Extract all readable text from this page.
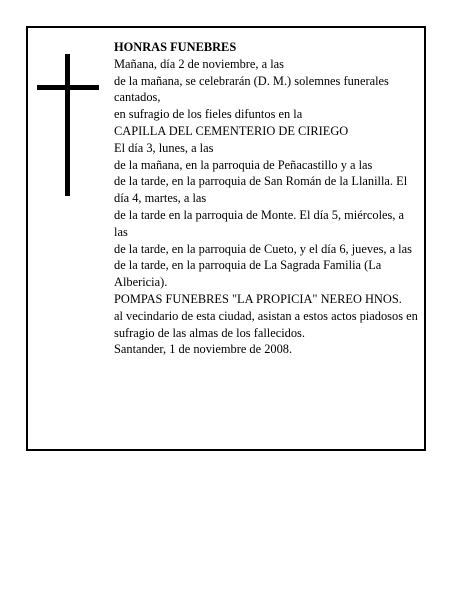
HONRAS FUNEBRES

Mañana, día 2 de noviembre, a las

de la mañana, se celebrarán (D. M.) solemnes funerales cantados,

en sufragio de los fieles difuntos en la

CAPILLA DEL CEMENTERIO DE CIRIEGO

El día 3, lunes, a las

de la mañana, en la parroquia de Peñacastillo y a las

de la tarde, en la parroquia de San Román de la Llanilla. El día 4, martes, a las

de la tarde en la parroquia de Monte. El día 5, miércoles, a las

de la tarde, en la parroquia de Cueto, y el día 6, jueves, a las

de la tarde, en la parroquia de La Sagrada Familia (La Albericia).

POMPAS FUNEBRES "LA PROPICIA" NEREO HNOS.

al vecindario de esta ciudad, asistan a estos actos piadosos en sufragio de las almas de los fallecidos.

Santander, 1 de noviembre de 2008.
